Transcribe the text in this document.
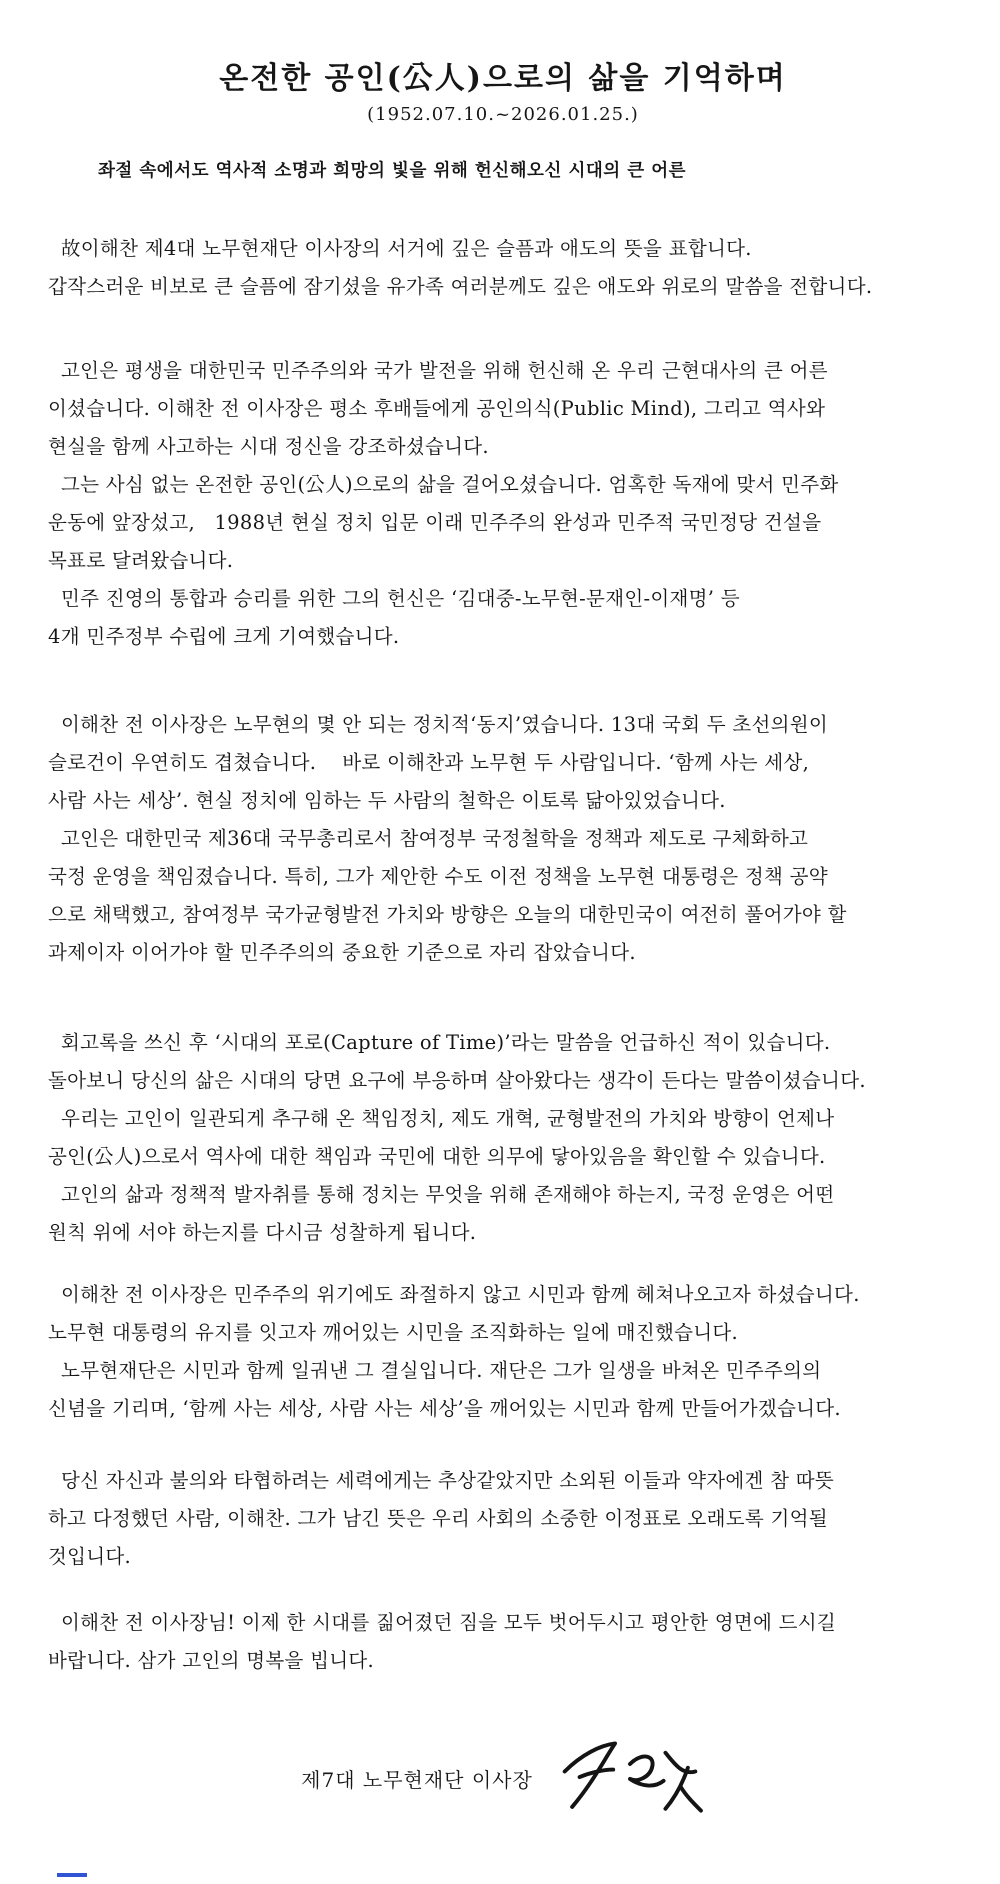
온전한 공인(公人)으로의 삶을 기억하며
(1952.07.10.~2026.01.25.)
좌절 속에서도 역사적 소명과 희망의 빛을 위해 헌신해오신 시대의 큰 어른
故이해찬 제4대 노무현재단 이사장의 서거에 깊은 슬픔과 애도의 뜻을 표합니다.
갑작스러운 비보로 큰 슬픔에 잠기셨을 유가족 여러분께도 깊은 애도와 위로의 말씀을 전합니다.
고인은 평생을 대한민국 민주주의와 국가 발전을 위해 헌신해 온 우리 근현대사의 큰 어른
이셨습니다. 이해찬 전 이사장은 평소 후배들에게 공인의식(Public Mind), 그리고 역사와
현실을 함께 사고하는 시대 정신을 강조하셨습니다.
그는 사심 없는 온전한 공인(公人)으로의 삶을 걸어오셨습니다. 엄혹한 독재에 맞서 민주화
운동에 앞장섰고,   1988년 현실 정치 입문 이래 민주주의 완성과 민주적 국민정당 건설을
목표로 달려왔습니다.
민주 진영의 통합과 승리를 위한 그의 헌신은 ‘김대중-노무현-문재인-이재명’ 등
4개 민주정부 수립에 크게 기여했습니다.
이해찬 전 이사장은 노무현의 몇 안 되는 정치적‘동지’였습니다. 13대 국회 두 초선의원이
슬로건이 우연히도 겹쳤습니다.    바로 이해찬과 노무현 두 사람입니다. ‘함께 사는 세상,
사람 사는 세상’. 현실 정치에 임하는 두 사람의 철학은 이토록 닮아있었습니다.
고인은 대한민국 제36대 국무총리로서 참여정부 국정철학을 정책과 제도로 구체화하고
국정 운영을 책임졌습니다. 특히, 그가 제안한 수도 이전 정책을 노무현 대통령은 정책 공약
으로 채택했고, 참여정부 국가균형발전 가치와 방향은 오늘의 대한민국이 여전히 풀어가야 할
과제이자 이어가야 할 민주주의의 중요한 기준으로 자리 잡았습니다.
회고록을 쓰신 후 ‘시대의 포로(Capture of Time)’라는 말씀을 언급하신 적이 있습니다.
돌아보니 당신의 삶은 시대의 당면 요구에 부응하며 살아왔다는 생각이 든다는 말씀이셨습니다.
우리는 고인이 일관되게 추구해 온 책임정치, 제도 개혁, 균형발전의 가치와 방향이 언제나
공인(公人)으로서 역사에 대한 책임과 국민에 대한 의무에 닿아있음을 확인할 수 있습니다.
고인의 삶과 정책적 발자취를 통해 정치는 무엇을 위해 존재해야 하는지, 국정 운영은 어떤
원칙 위에 서야 하는지를 다시금 성찰하게 됩니다.
이해찬 전 이사장은 민주주의 위기에도 좌절하지 않고 시민과 함께 헤쳐나오고자 하셨습니다.
노무현 대통령의 유지를 잇고자 깨어있는 시민을 조직화하는 일에 매진했습니다.
노무현재단은 시민과 함께 일궈낸 그 결실입니다. 재단은 그가 일생을 바쳐온 민주주의의
신념을 기리며, ‘함께 사는 세상, 사람 사는 세상’을 깨어있는 시민과 함께 만들어가겠습니다.
당신 자신과 불의와 타협하려는 세력에게는 추상같았지만 소외된 이들과 약자에겐 참 따뜻
하고 다정했던 사람, 이해찬. 그가 남긴 뜻은 우리 사회의 소중한 이정표로 오래도록 기억될
것입니다.
이해찬 전 이사장님! 이제 한 시대를 짊어졌던 짐을 모두 벗어두시고 평안한 영면에 드시길
바랍니다. 삼가 고인의 명복을 빕니다.
제7대 노무현재단 이사장
